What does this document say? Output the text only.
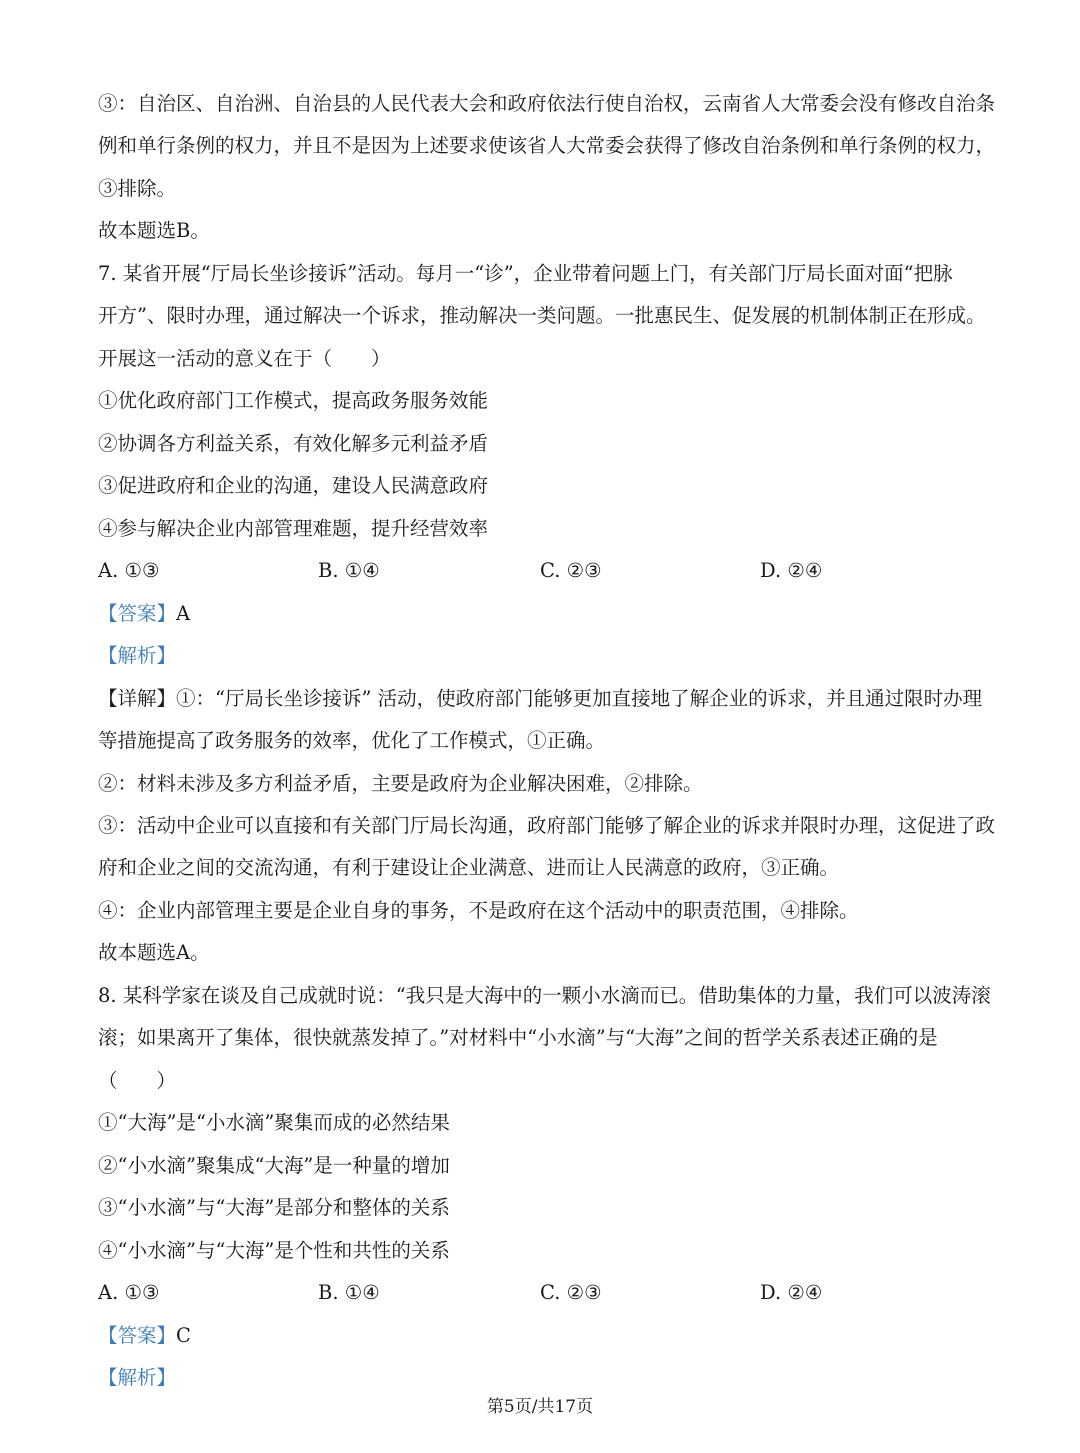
③：自治区、自治洲、自治县的人民代表大会和政府依法行使自治权，云南省人大常委会没有修改自治条
例和单行条例的权力，并且不是因为上述要求使该省人大常委会获得了修改自治条例和单行条例的权力，
③排除。
故本题选B。
7. 某省开展“厅局长坐诊接诉”活动。每月一“诊”，企业带着问题上门，有关部门厅局长面对面“把脉
开方”、限时办理，通过解决一个诉求，推动解决一类问题。一批惠民生、促发展的机制体制正在形成。
开展这一活动的意义在于（　　）
①优化政府部门工作模式，提高政务服务效能
②协调各方利益关系，有效化解多元利益矛盾
③促进政府和企业的沟通，建设人民满意政府
④参与解决企业内部管理难题，提升经营效率
A. ①③	B. ①④	C. ②③	D. ②④
【答案】A
【解析】
【详解】①：“厅局长坐诊接诉” 活动，使政府部门能够更加直接地了解企业的诉求，并且通过限时办理
等措施提高了政务服务的效率，优化了工作模式，①正确。
②：材料未涉及多方利益矛盾，主要是政府为企业解决困难，②排除。
③：活动中企业可以直接和有关部门厅局长沟通，政府部门能够了解企业的诉求并限时办理，这促进了政
府和企业之间的交流沟通，有利于建设让企业满意、进而让人民满意的政府，③正确。
④：企业内部管理主要是企业自身的事务，不是政府在这个活动中的职责范围，④排除。
故本题选A。
8. 某科学家在谈及自己成就时说：“我只是大海中的一颗小水滴而已。借助集体的力量，我们可以波涛滚
滚；如果离开了集体，很快就蒸发掉了。”对材料中“小水滴”与“大海”之间的哲学关系表述正确的是
（　　）
①“大海”是“小水滴”聚集而成的必然结果
②“小水滴”聚集成“大海”是一种量的增加
③“小水滴”与“大海”是部分和整体的关系
④“小水滴”与“大海”是个性和共性的关系
A. ①③	B. ①④	C. ②③	D. ②④
【答案】C
【解析】
第5页/共17页
